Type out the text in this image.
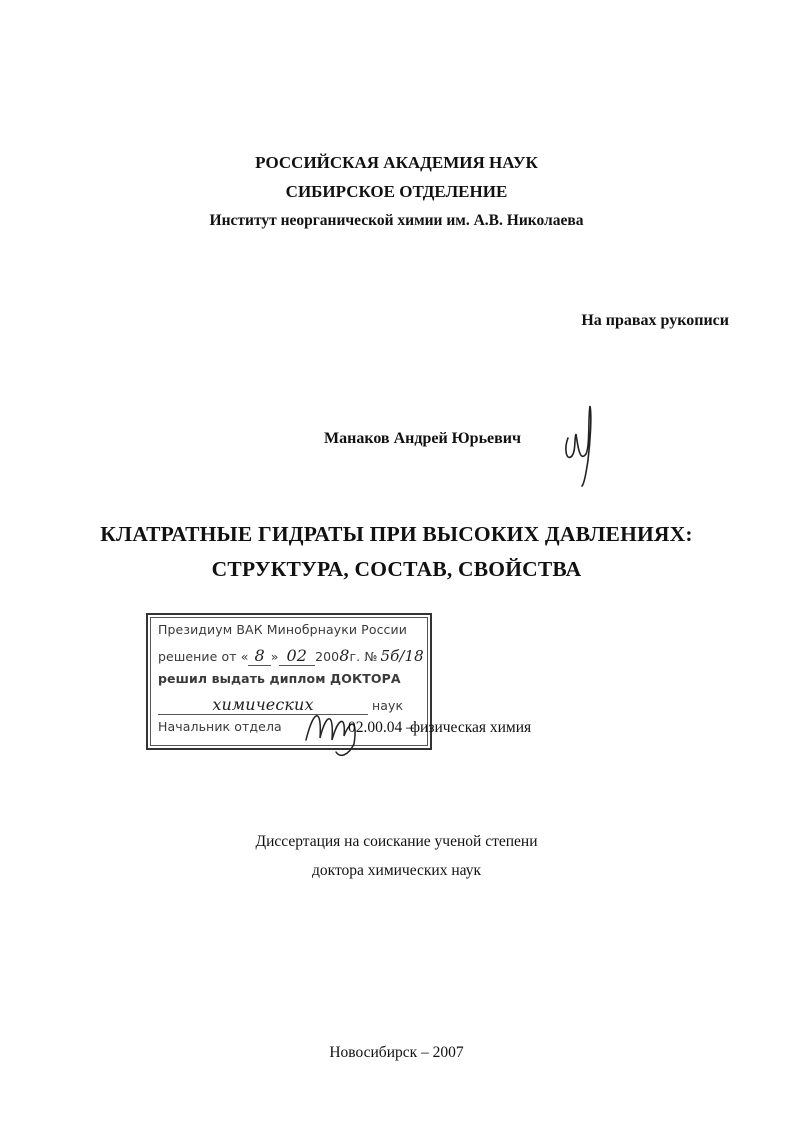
РОССИЙСКАЯ АКАДЕМИЯ НАУК
СИБИРСКОЕ ОТДЕЛЕНИЕ
Институт неорганической химии им. А.В. Николаева
На правах рукописи
Манаков Андрей Юрьевич
КЛАТРАТНЫЕ ГИДРАТЫ ПРИ ВЫСОКИХ ДАВЛЕНИЯХ:
СТРУКТУРА, СОСТАВ, СВОЙСТВА
Президиум ВАК Минобрнауки России
решение от « 8 » 02 2008г. № 5б/18
решил выдать диплом ДОКТОРА
химических	наук
Начальник отдела	02.00.04 –
физическая химия
Диссертация на соискание ученой степени
доктора химических наук
Новосибирск – 2007
